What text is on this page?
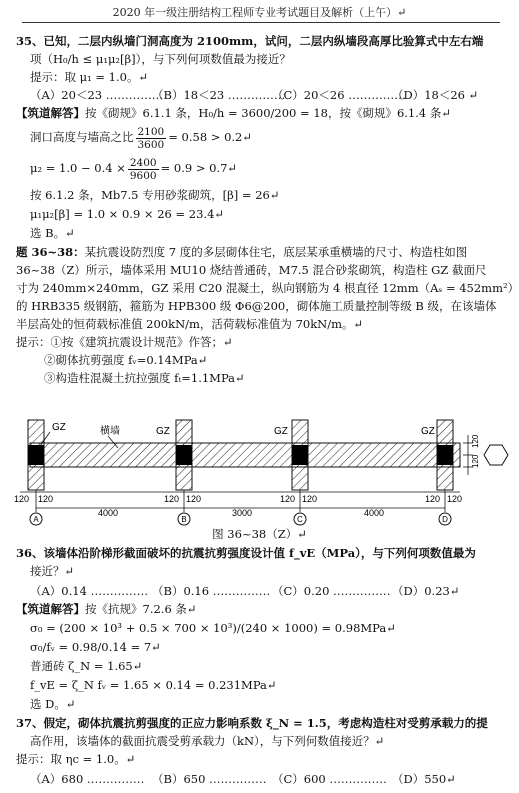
2020 年一级注册结构工程师专业考试题目及解析（上午）↵
35、已知，二层内纵墙门洞高度为 2100mm，试问，二层内纵墙段高厚比验算式中左右端
项（H₀/h ≤ μ₁μ₂[β]），与下列何项数值最为接近？
提示：取 μ₁ = 1.0。↵
（A）20＜23 ……………
（B）18＜23 ……………
（C）20＜26 ……………
（D）18＜26 ↵
【筑道解答】按《砌规》6.1.1 条，H₀/h = 3600/200 = 18，按《砌规》6.1.4 条↵
洞口高度与墙高之比 $\frac{2100}{3600} = 0.58$ > 0.2↵
$\mu_2 = 1.0 - 0.4 \times \frac{2400}{9600} = 0.9$ > 0.7↵
按 6.1.2 条，Mb7.5 专用砂浆砌筑，[β] = 26↵
μ₁μ₂[β] = 1.0 × 0.9 × 26 = 23.4↵
选 B。↵
题 36~38：某抗震设防烈度 7 度的多层砌体住宅，底层某承重横墙的尺寸、构造柱如图
36~38（Z）所示，墙体采用 MU10 烧结普通砖，M7.5 混合砂浆砌筑，构造柱 GZ 截面尺
寸为 240mm×240mm，GZ 采用 C20 混凝土，纵向钢筋为 4 根直径 12mm（Aₛ = 452mm²）
的 HRB335 级钢筋，箍筋为 HPB300 级 Φ6@200，砌体施工质量控制等级 B 级，在该墙体
半层高处的恒荷载标准值 200kN/m，活荷载标准值为 70kN/m。↵
提示：①按《建筑抗震设计规范》作答；↵
②砌体抗剪强度 fᵥ=0.14MPa↵
③构造柱混凝土抗拉强度 fₜ=1.1MPa↵
GZ	GZ	GZ	GZ
横墙
120
120
120 120	120 120	120 120	120 120
4000	3000	4000
A	B	C	D
图 36~38（Z）↵
36、该墙体沿阶梯形截面破坏的抗震抗剪强度设计值 f_vE（MPa），与下列何项数值最为
接近？↵
（A）0.14 …………… （B）0.16 …………… （C）0.20 …………… （D）0.23↵
【筑道解答】按《抗规》7.2.6 条↵
σ₀ = (200 × 10³ + 0.5 × 700 × 10³)/(240 × 1000) = 0.98MPa↵
σ₀/fᵥ = 0.98/0.14 = 7↵
普通砖 ζ_N = 1.65↵
f_vE = ζ_N fᵥ = 1.65 × 0.14 = 0.231MPa↵
选 D。↵
37、假定，砌体抗震抗剪强度的正应力影响系数 ξ_N = 1.5，考虑构造柱对受剪承载力的提
高作用，该墙体的截面抗震受剪承载力（kN），与下列何数值接近？↵
提示：取 ηc = 1.0。↵
（A）680 …………… （B）650 …………… （C）600 …………… （D）550↵
